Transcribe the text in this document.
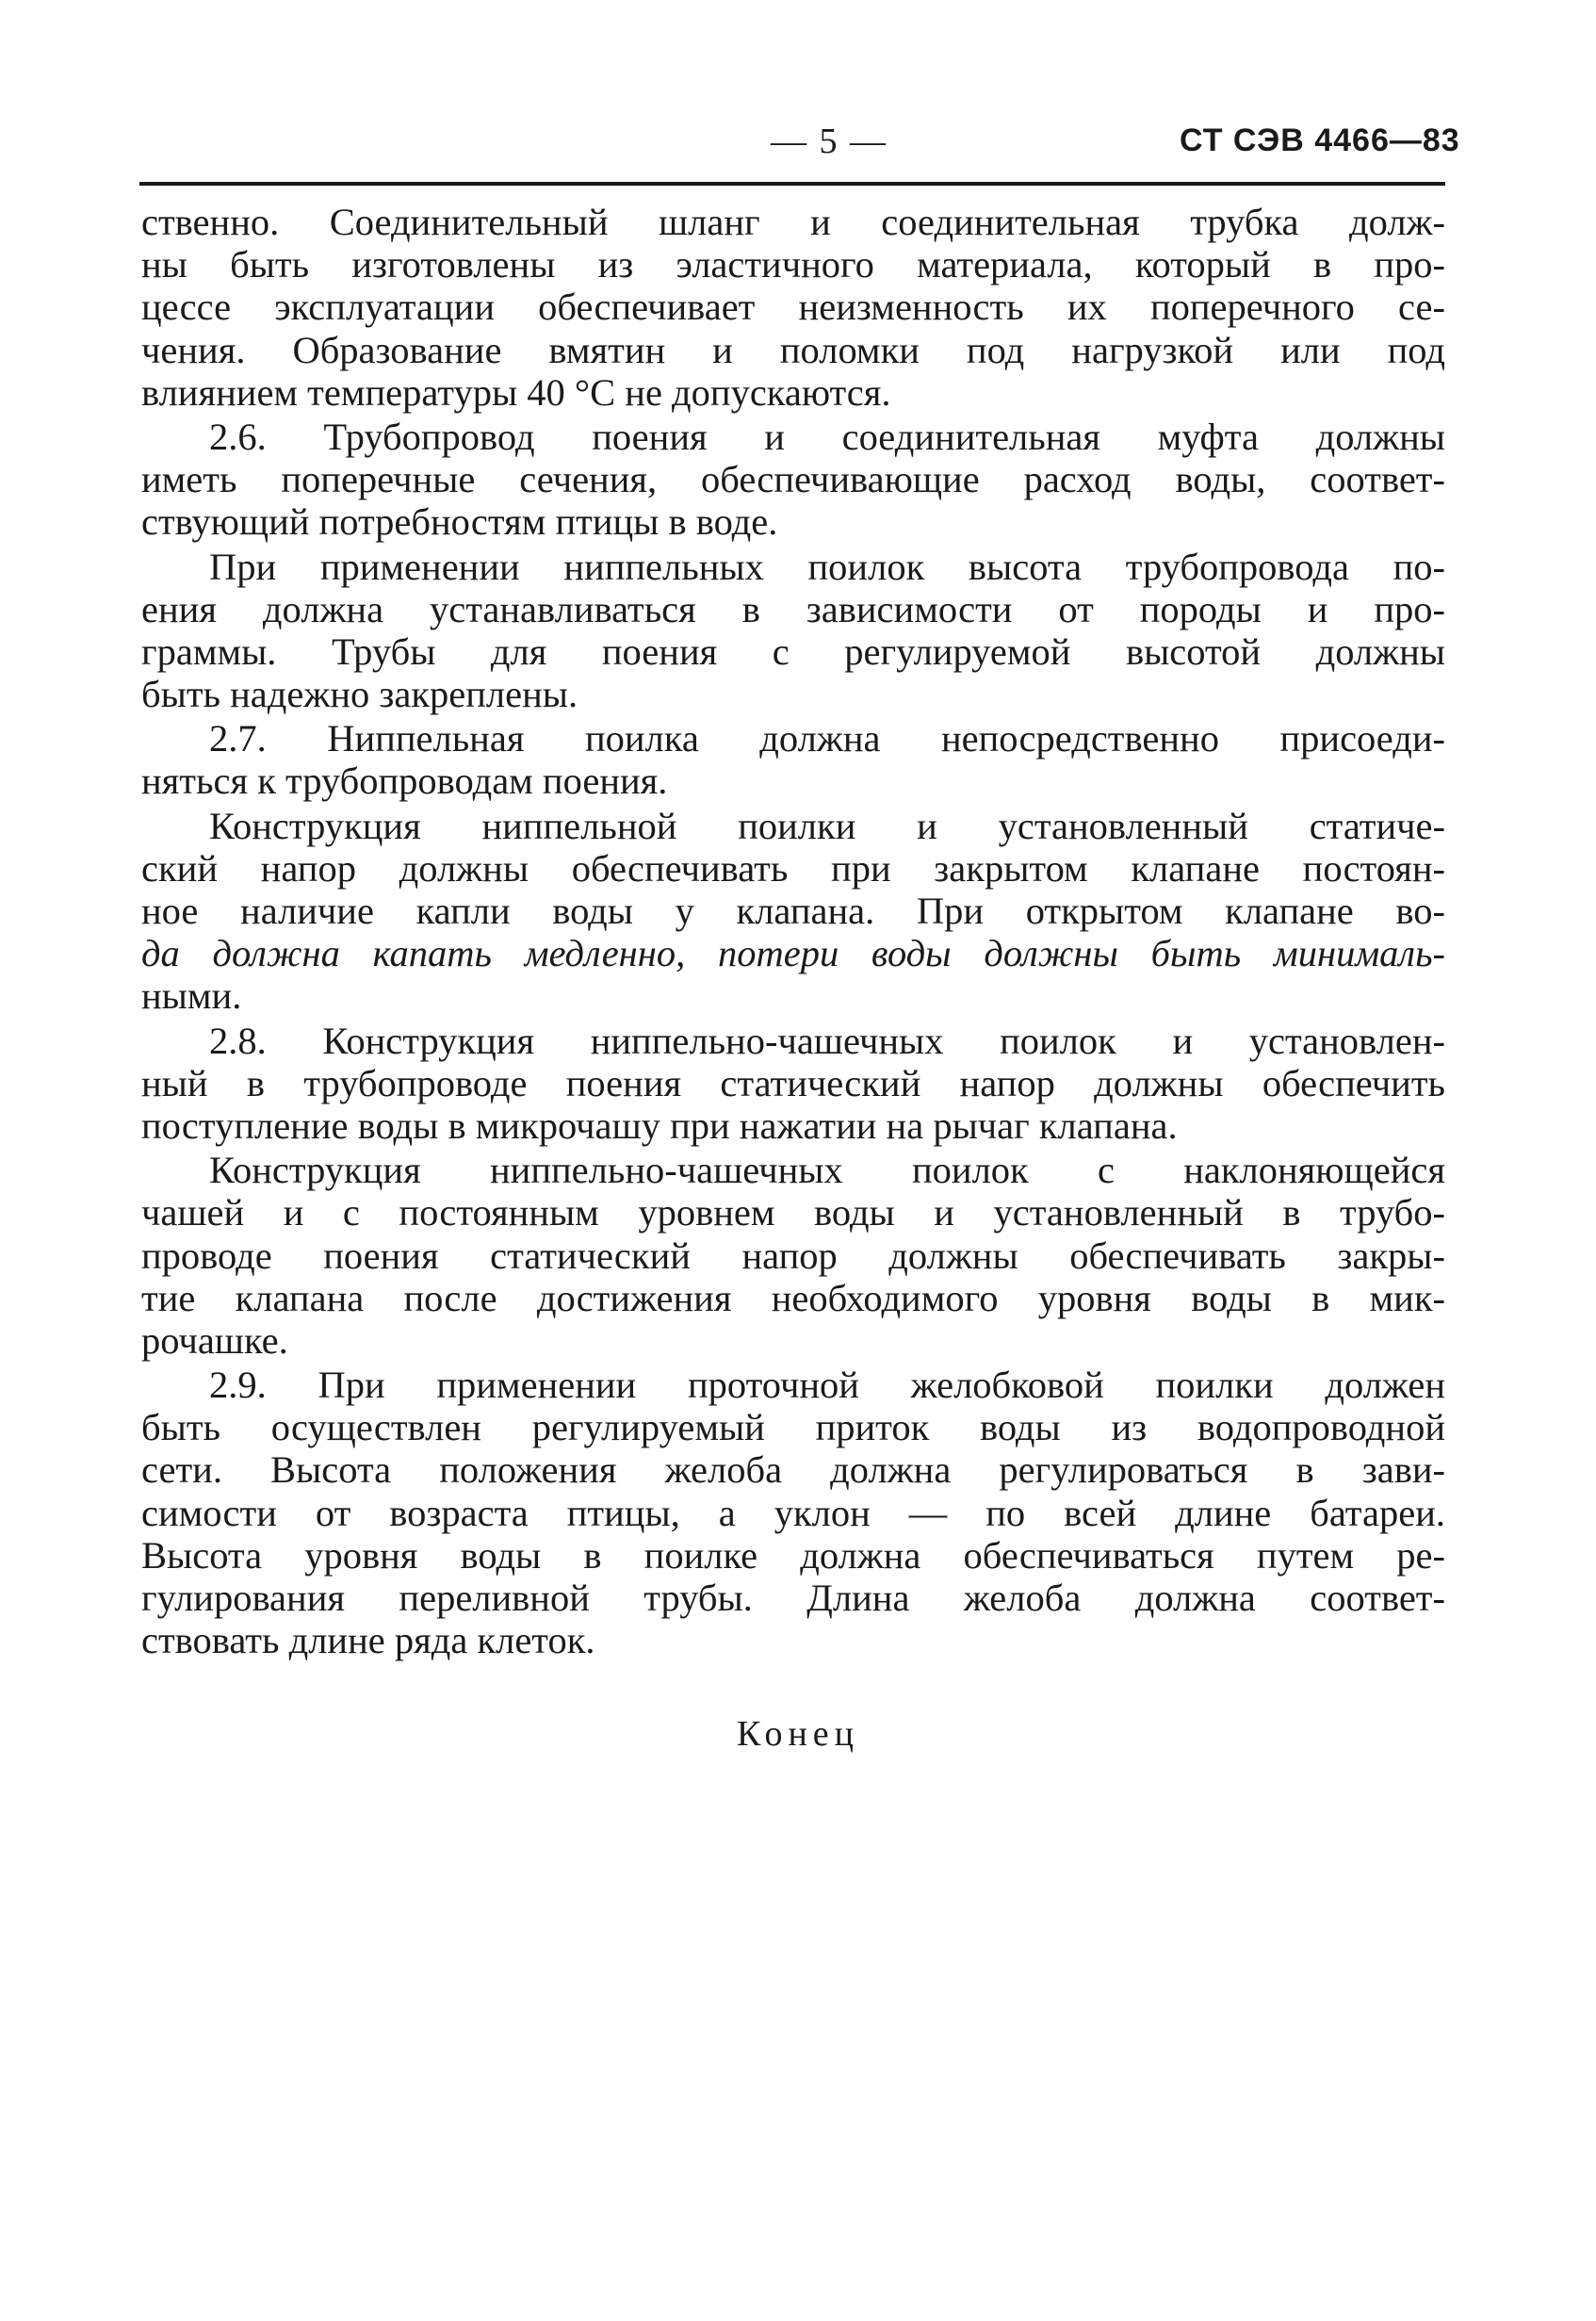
— 5 —	СТ СЭВ 4466—83
ственно. Соединительный шланг и соединительная трубка долж-
ны быть изготовлены из эластичного материала, который в про-
цессе эксплуатации обеспечивает неизменность их поперечного се-
чения. Образование вмятин и поломки под нагрузкой или под
влиянием температуры 40 °С не допускаются.
2.6. Трубопровод поения и соединительная муфта должны
иметь поперечные сечения, обеспечивающие расход воды, соответ-
ствующий потребностям птицы в воде.
При применении ниппельных поилок высота трубопровода по-
ения должна устанавливаться в зависимости от породы и про-
граммы. Трубы для поения с регулируемой высотой должны
быть надежно закреплены.
2.7. Ниппельная поилка должна непосредственно присоеди-
няться к трубопроводам поения.
Конструкция ниппельной поилки и установленный статиче-
ский напор должны обеспечивать при закрытом клапане постоян-
ное наличие капли воды у клапана. При открытом клапане во-
да должна капать медленно, потери воды должны быть минималь-
ными.
2.8. Конструкция ниппельно-чашечных поилок и установлен-
ный в трубопроводе поения статический напор должны обеспечить
поступление воды в микрочашу при нажатии на рычаг клапана.
Конструкция ниппельно-чашечных поилок с наклоняющейся
чашей и с постоянным уровнем воды и установленный в трубо-
проводе поения статический напор должны обеспечивать закры-
тие клапана после достижения необходимого уровня воды в мик-
рочашке.
2.9. При применении проточной желобковой поилки должен
быть осуществлен регулируемый приток воды из водопроводной
сети. Высота положения желоба должна регулироваться в зави-
симости от возраста птицы, а уклон — по всей длине батареи.
Высота уровня воды в поилке должна обеспечиваться путем ре-
гулирования переливной трубы. Длина желоба должна соответ-
ствовать длине ряда клеток.
Конец
